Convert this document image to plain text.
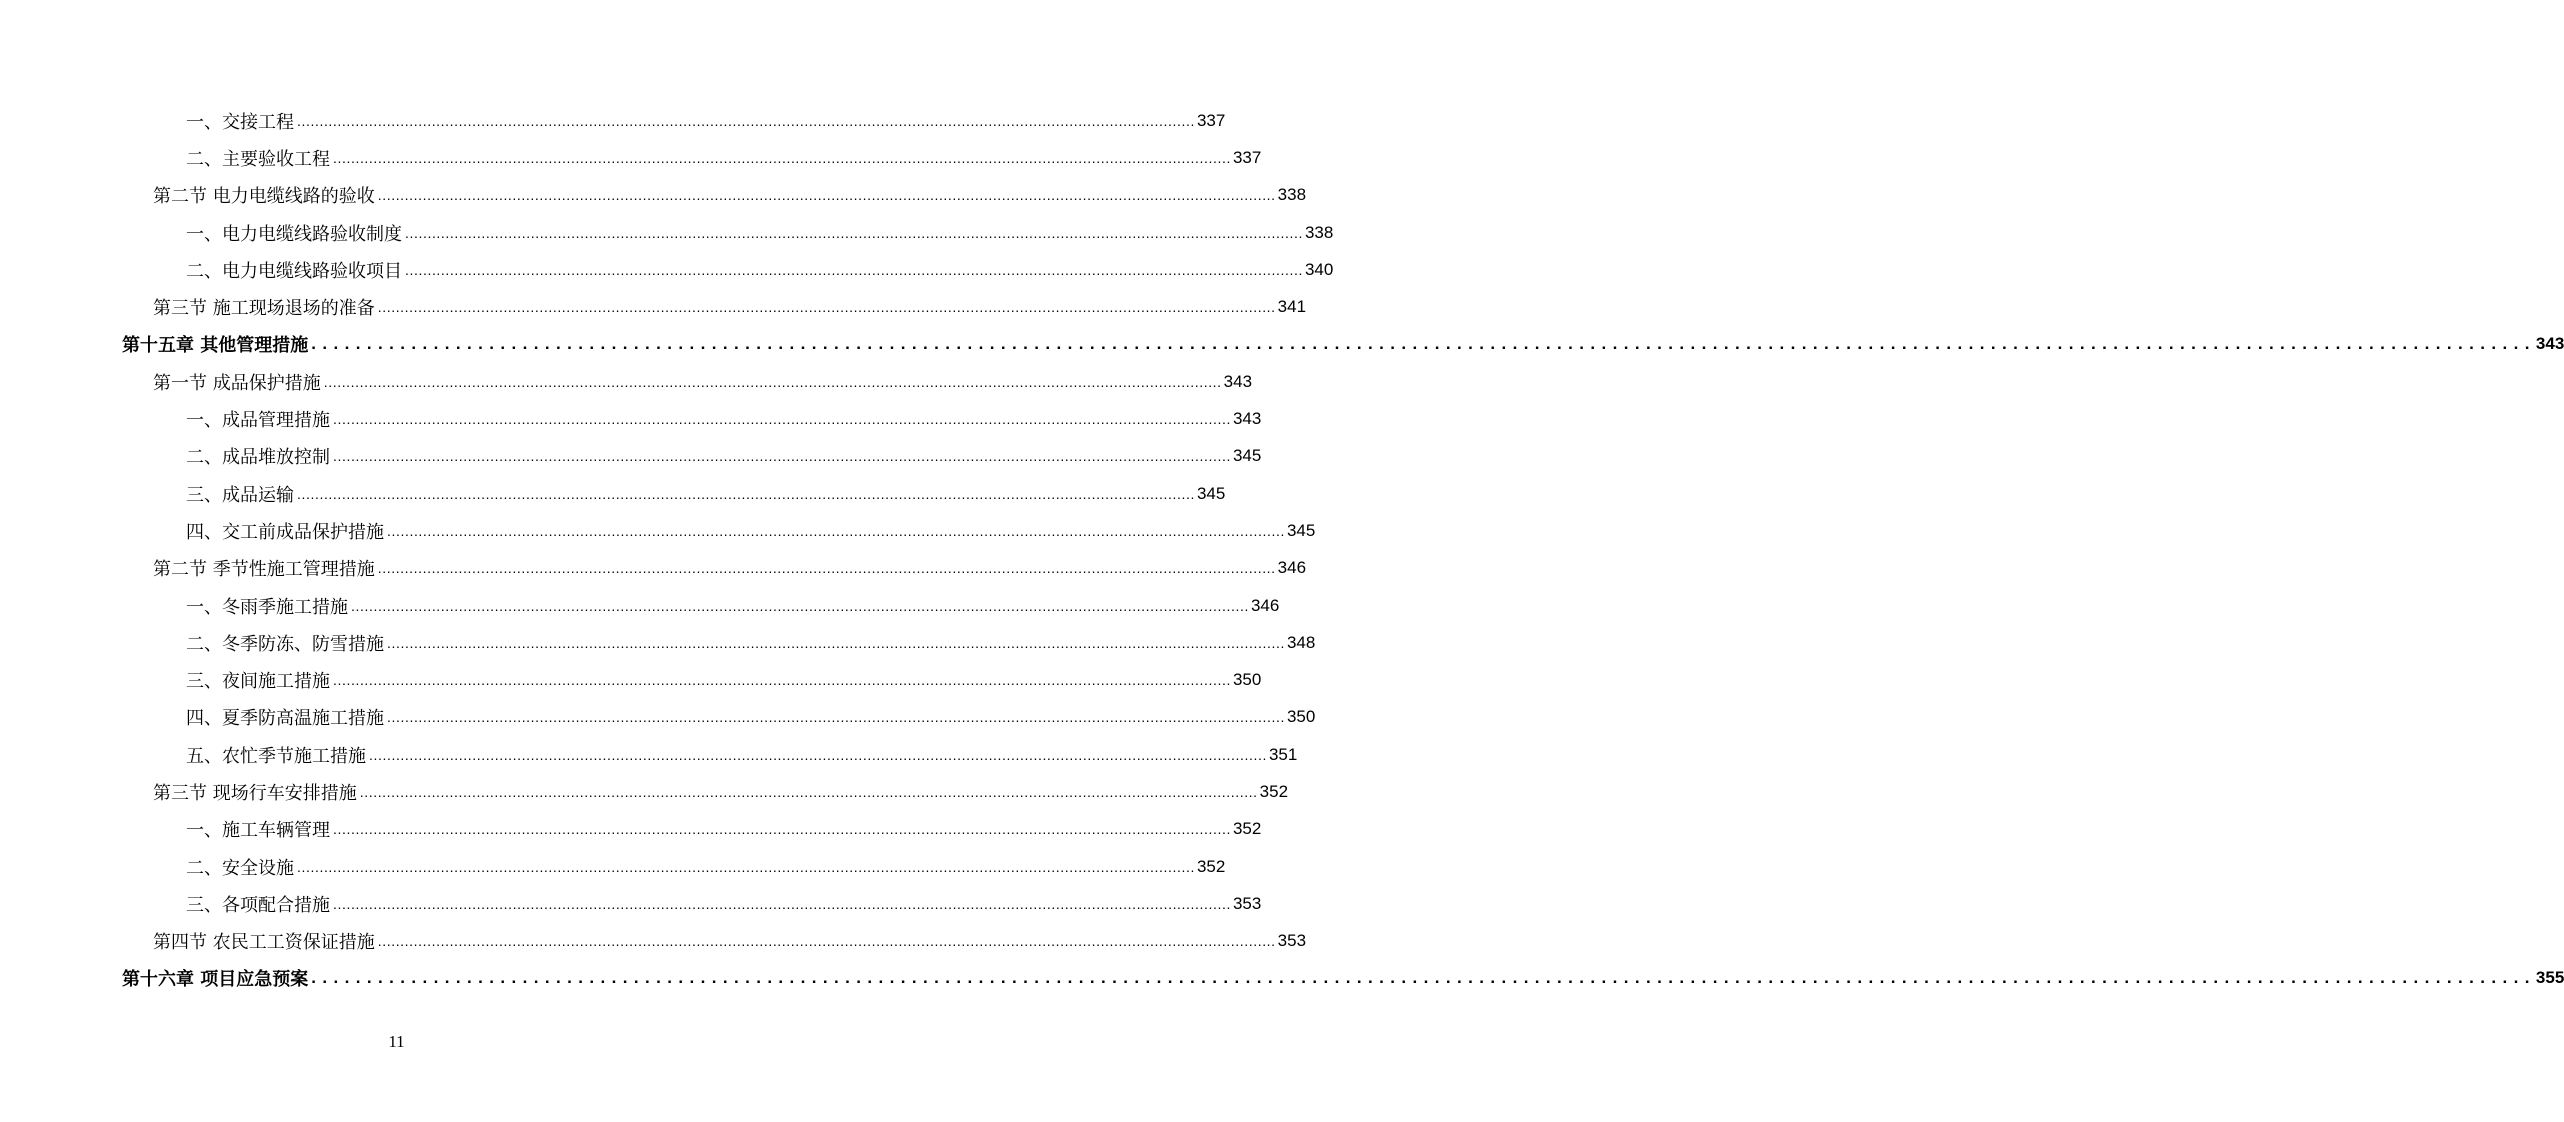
一、交接工程 ........................................................................................................................................................................................................ 337
二、主要验收工程 ........................................................................................................................................................................................................ 337
第二节 电力电缆线路的验收 ........................................................................................................................................................................................................ 338
一、电力电缆线路验收制度 ........................................................................................................................................................................................................ 338
二、电力电缆线路验收项目 ........................................................................................................................................................................................................ 340
第三节 施工现场退场的准备 ........................................................................................................................................................................................................ 341
第十五章 其他管理措施 ........................................................................................................................................................................................................ 343
第一节 成品保护措施 ........................................................................................................................................................................................................ 343
一、成品管理措施 ........................................................................................................................................................................................................ 343
二、成品堆放控制 ........................................................................................................................................................................................................ 345
三、成品运输 ........................................................................................................................................................................................................ 345
四、交工前成品保护措施 ........................................................................................................................................................................................................ 345
第二节 季节性施工管理措施 ........................................................................................................................................................................................................ 346
一、冬雨季施工措施 ........................................................................................................................................................................................................ 346
二、冬季防冻、防雪措施 ........................................................................................................................................................................................................ 348
三、夜间施工措施 ........................................................................................................................................................................................................ 350
四、夏季防高温施工措施 ........................................................................................................................................................................................................ 350
五、农忙季节施工措施 ........................................................................................................................................................................................................ 351
第三节 现场行车安排措施 ........................................................................................................................................................................................................ 352
一、施工车辆管理 ........................................................................................................................................................................................................ 352
二、安全设施 ........................................................................................................................................................................................................ 352
三、各项配合措施 ........................................................................................................................................................................................................ 353
第四节 农民工工资保证措施 ........................................................................................................................................................................................................ 353
第十六章 项目应急预案 ........................................................................................................................................................................................................ 355
11
